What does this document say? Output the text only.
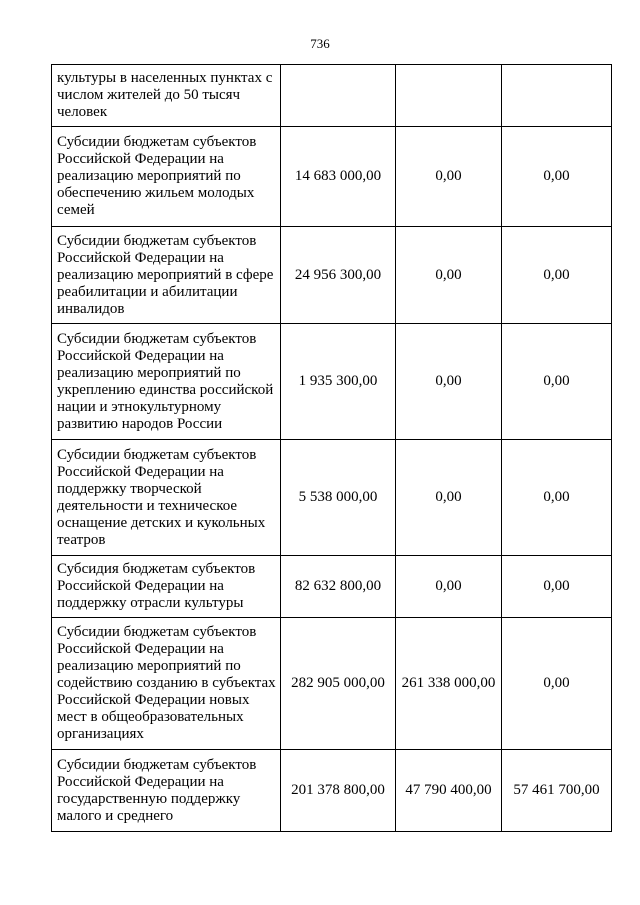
736
культуры в населенных пунктах с числом жителей до 50 тысяч человек			
Субсидии бюджетам субъектов Российской Федерации на реализацию мероприятий по обеспечению жильем молодых семей	14 683 000,00	0,00	0,00
Субсидии бюджетам субъектов Российской Федерации на реализацию мероприятий в сфере реабилитации и абилитации инвалидов	24 956 300,00	0,00	0,00
Субсидии бюджетам субъектов Российской Федерации на реализацию мероприятий по укреплению единства российской нации и этнокультурному развитию народов России	1 935 300,00	0,00	0,00
Субсидии бюджетам субъектов Российской Федерации на поддержку творческой деятельности и техническое оснащение детских и кукольных театров	5 538 000,00	0,00	0,00
Субсидия бюджетам субъектов Российской Федерации на поддержку отрасли культуры	82 632 800,00	0,00	0,00
Субсидии бюджетам субъектов Российской Федерации на реализацию мероприятий по содействию созданию в субъектах Российской Федерации новых мест в общеобразовательных организациях	282 905 000,00	261 338 000,00	0,00
Субсидии бюджетам субъектов Российской Федерации на государственную поддержку малого и среднего	201 378 800,00	47 790 400,00	57 461 700,00
